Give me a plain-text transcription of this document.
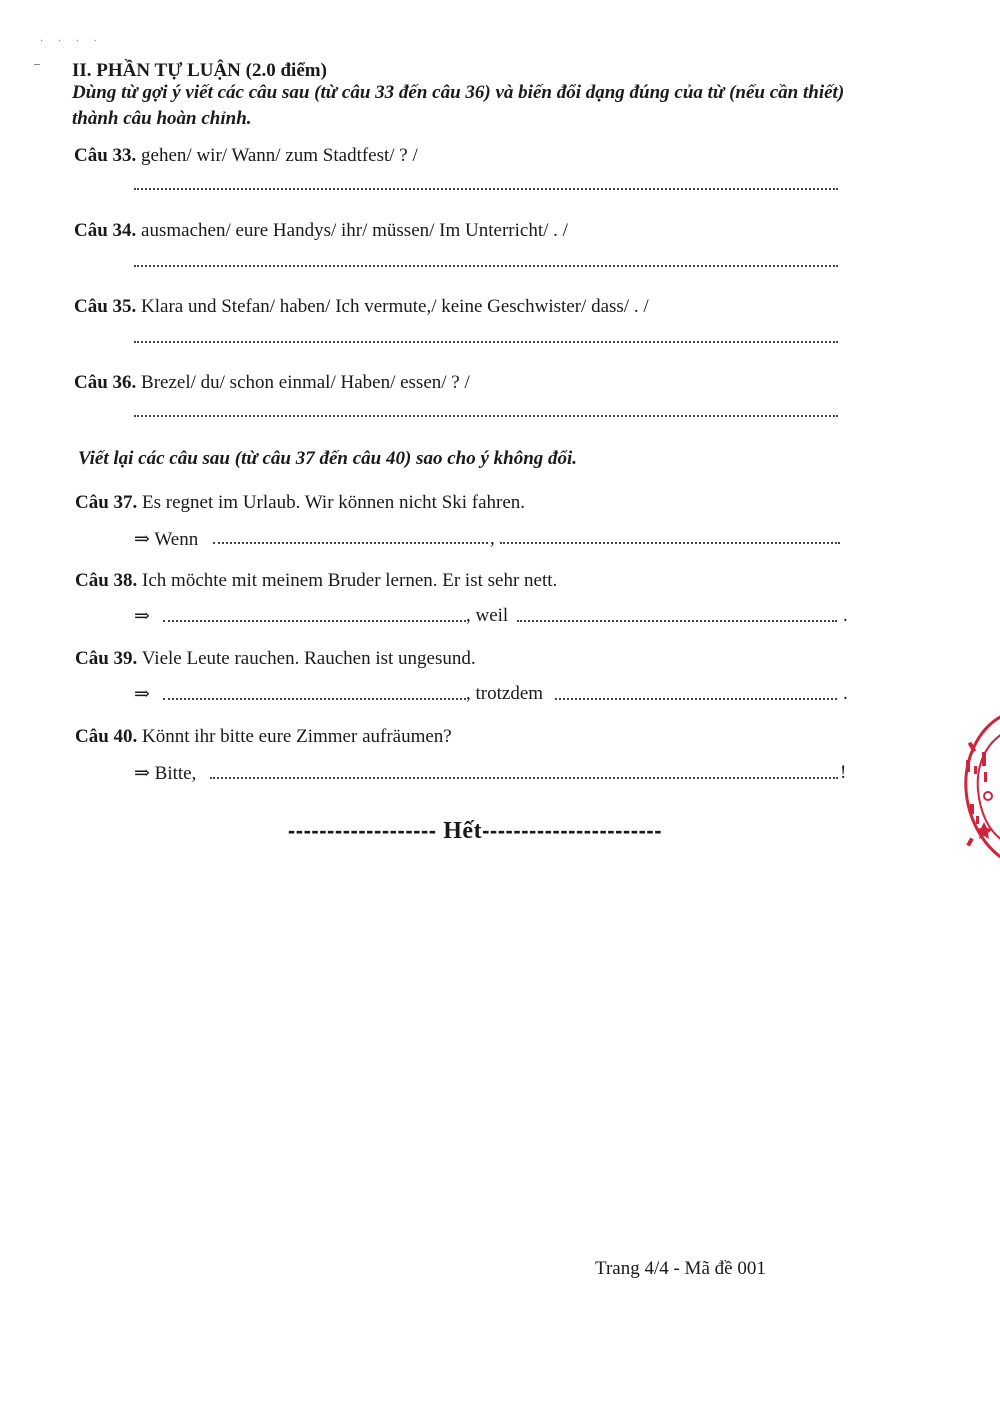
· · · ·
II. PHẦN TỰ LUẬN (2.0 điểm)
Dùng từ gợi ý viết các câu sau (từ câu 33 đến câu 36) và biến đổi dạng đúng của từ (nếu cần thiết)
thành câu hoàn chỉnh.
Câu 33. gehen/ wir/ Wann/ zum Stadtfest/ ? /
Câu 34. ausmachen/ eure Handys/ ihr/ müssen/ Im Unterricht/ . /
Câu 35. Klara und Stefan/ haben/ Ich vermute,/ keine Geschwister/ dass/ . /
Câu 36. Brezel/ du/ schon einmal/ Haben/ essen/ ? /
Viết lại các câu sau (từ câu 37 đến câu 40) sao cho ý không đổi.
Câu 37. Es regnet im Urlaub. Wir können nicht Ski fahren.
⇒ Wenn	,
Câu 38. Ich möchte mit meinem Bruder lernen. Er ist sehr nett.
⇒	, weil	.
Câu 39. Viele Leute rauchen. Rauchen ist ungesund.
⇒	, trotzdem	.
Câu 40. Könnt ihr bitte eure Zimmer aufräumen?
⇒ Bitte,	!
------------------- Hết-----------------------
Trang 4/4 - Mã đề 001
